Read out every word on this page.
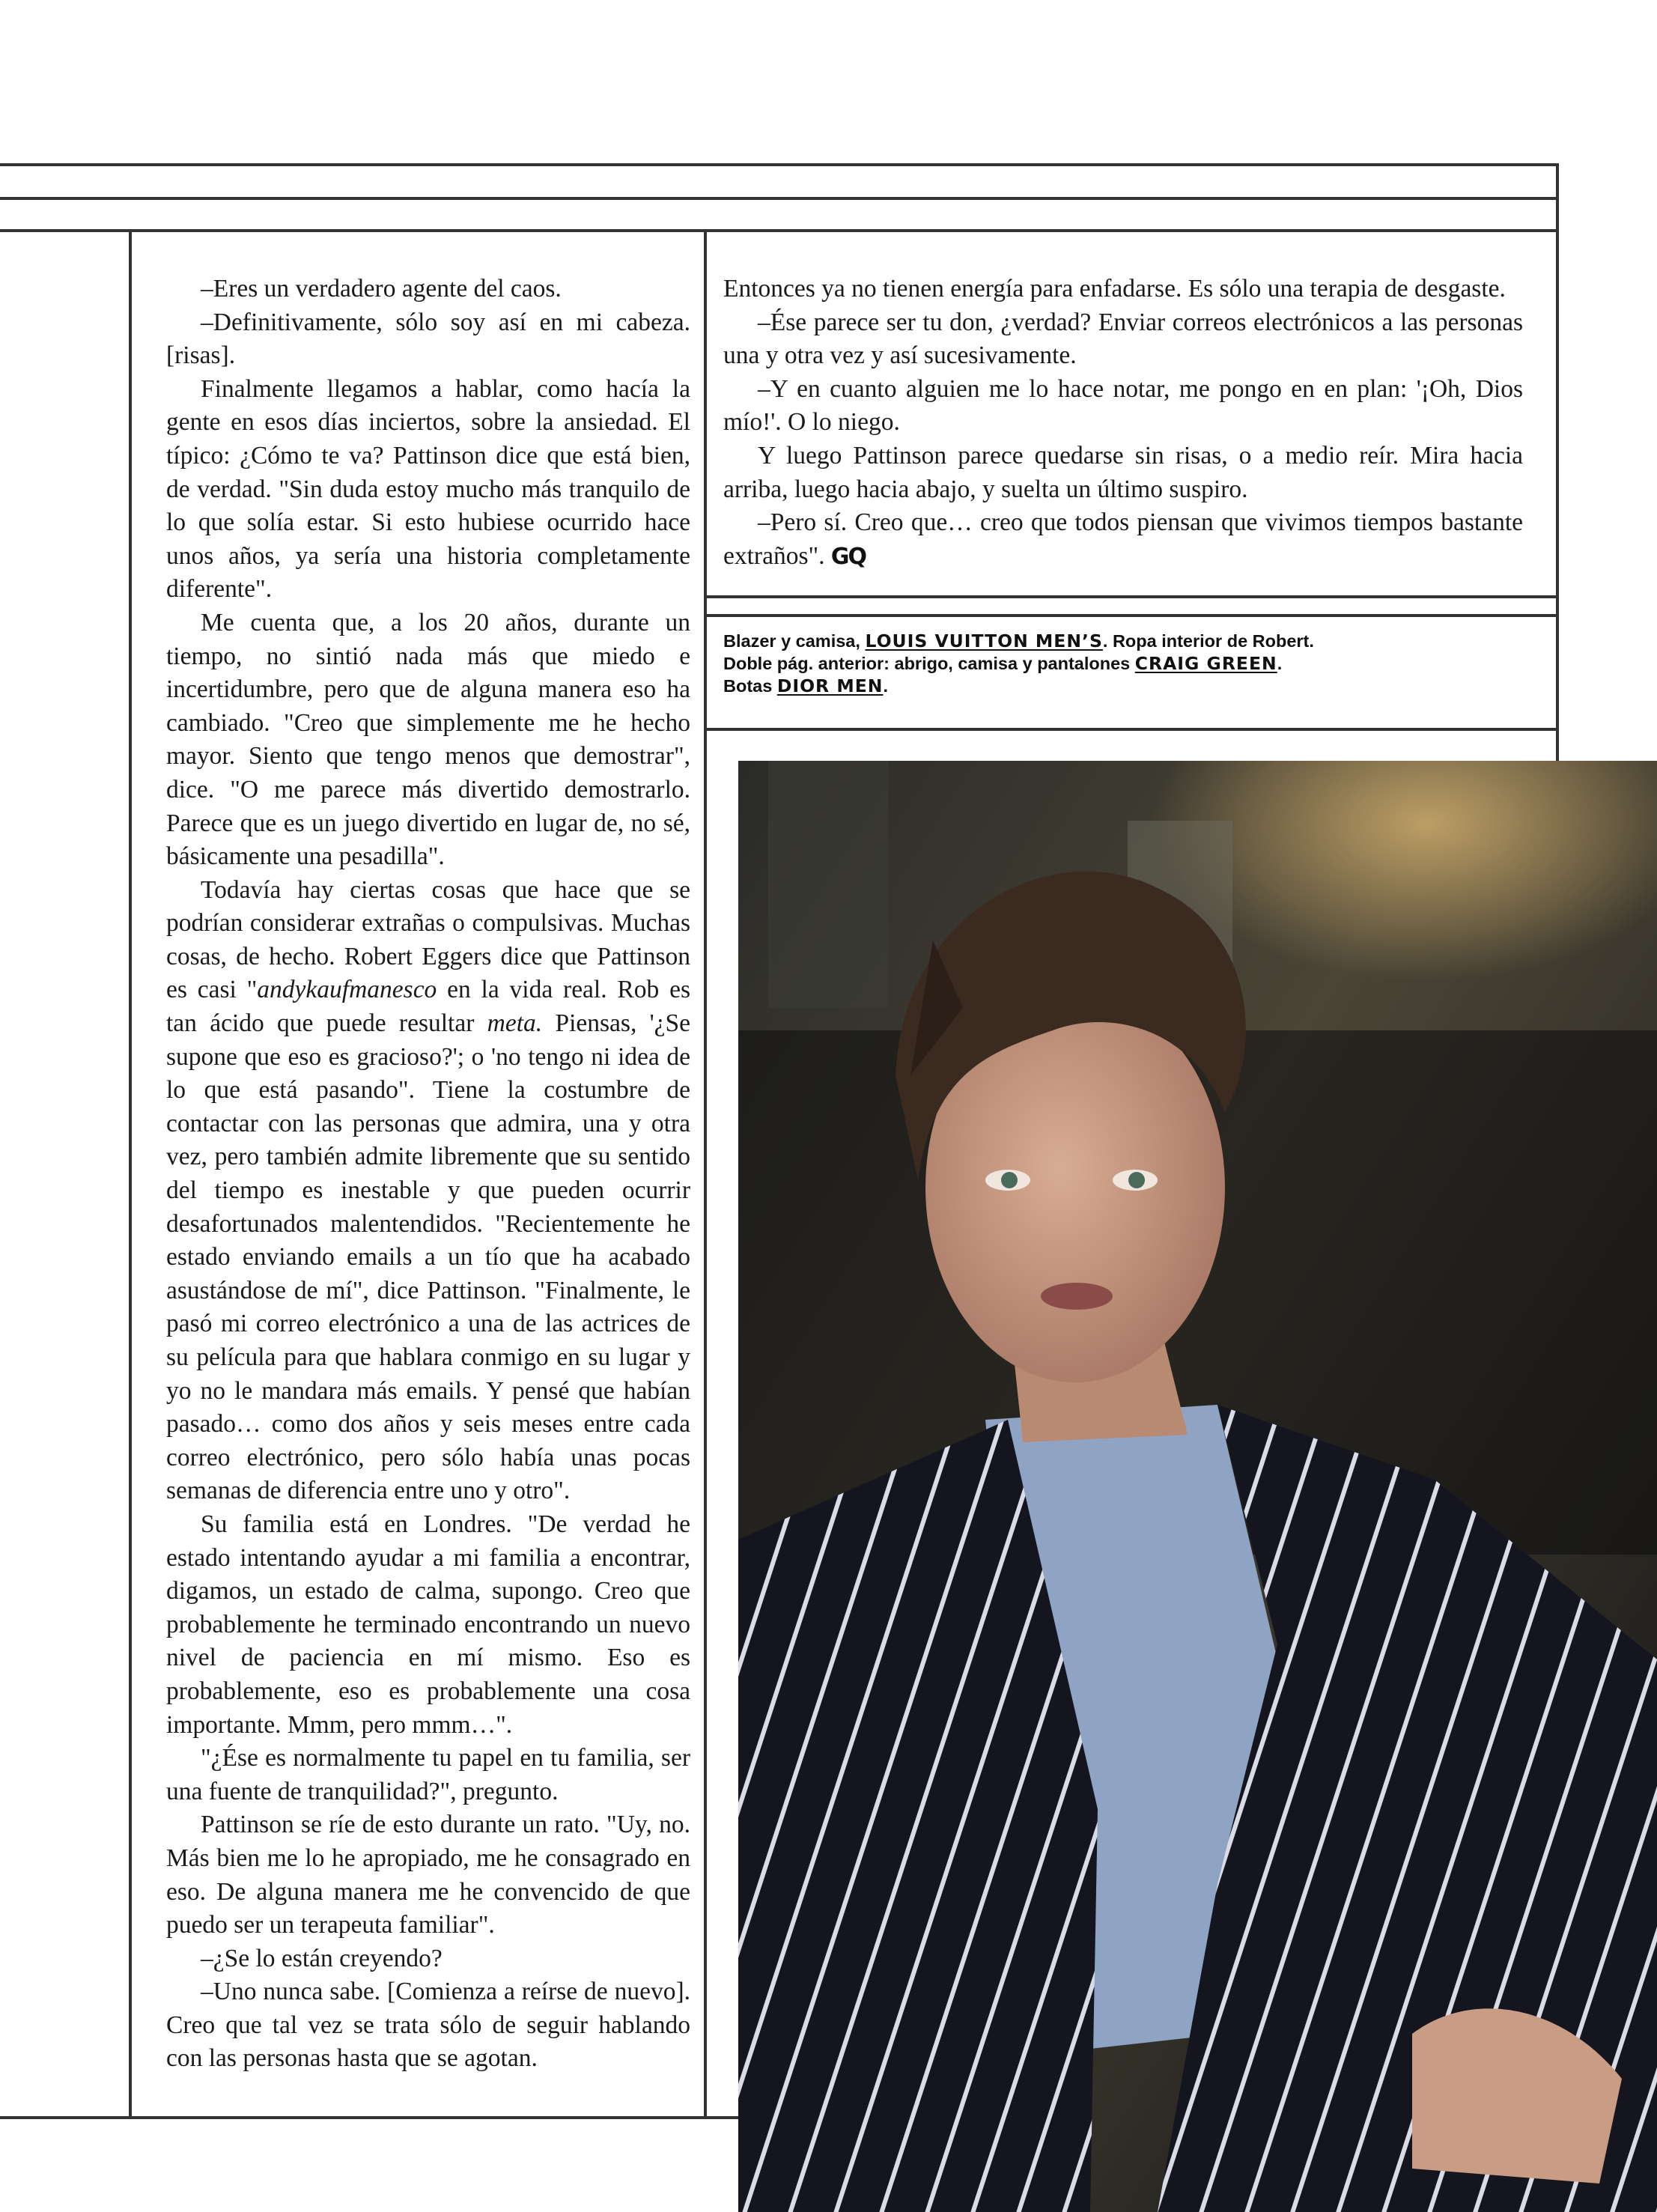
–Eres un verdadero agente del caos.

–Definitivamente, sólo soy así en mi cabeza. [risas].

Finalmente llegamos a hablar, como hacía la gente en esos días inciertos, sobre la ansiedad. El típico: ¿Cómo te va? Pattinson dice que está bien, de verdad. "Sin duda estoy mucho más tranquilo de lo que solía estar. Si esto hubiese ocurrido hace unos años, ya sería una historia completamente diferente".

Me cuenta que, a los 20 años, durante un tiempo, no sintió nada más que miedo e incertidumbre, pero que de alguna manera eso ha cambiado. "Creo que simplemente me he hecho mayor. Siento que tengo menos que demostrar", dice. "O me parece más divertido demostrarlo. Parece que es un juego divertido en lugar de, no sé, básicamente una pesadilla".

Todavía hay ciertas cosas que hace que se podrían considerar extrañas o compulsivas. Muchas cosas, de hecho. Robert Eggers dice que Pattinson es casi "andykaufmanesco en la vida real. Rob es tan ácido que puede resultar meta. Piensas, '¿Se supone que eso es gracioso?'; o 'no tengo ni idea de lo que está pasando". Tiene la costumbre de contactar con las personas que admira, una y otra vez, pero también admite libremente que su sentido del tiempo es inestable y que pueden ocurrir desafortunados malentendidos. "Recientemente he estado enviando emails a un tío que ha acabado asustándose de mí", dice Pattinson. "Finalmente, le pasó mi correo electrónico a una de las actrices de su película para que hablara conmigo en su lugar y yo no le mandara más emails. Y pensé que habían pasado… como dos años y seis meses entre cada correo electrónico, pero sólo había unas pocas semanas de diferencia entre uno y otro".

Su familia está en Londres. "De verdad he estado intentando ayudar a mi familia a encontrar, digamos, un estado de calma, supongo. Creo que probablemente he terminado encontrando un nuevo nivel de paciencia en mí mismo. Eso es probablemente, eso es probablemente una cosa importante. Mmm, pero mmm…".

"¿Ése es normalmente tu papel en tu familia, ser una fuente de tranquilidad?", pregunto.

Pattinson se ríe de esto durante un rato. "Uy, no. Más bien me lo he apropiado, me he consagrado en eso. De alguna manera me he convencido de que puedo ser un terapeuta familiar".

–¿Se lo están creyendo?

–Uno nunca sabe. [Comienza a reírse de nuevo]. Creo que tal vez se trata sólo de seguir hablando con las personas hasta que se agotan.

Entonces ya no tienen energía para enfadarse. Es sólo una terapia de desgaste.

–Ése parece ser tu don, ¿verdad? Enviar correos electrónicos a las personas una y otra vez y así sucesivamente.

–Y en cuanto alguien me lo hace notar, me pongo en en plan: '¡Oh, Dios mío!'. O lo niego.

Y luego Pattinson parece quedarse sin risas, o a medio reír. Mira hacia arriba, luego hacia abajo, y suelta un último suspiro.

–Pero sí. Creo que… creo que todos piensan que vivimos tiempos bastante extraños". GQ

Blazer y camisa, LOUIS VUITTON MEN’S. Ropa interior de Robert.
Doble pág. anterior: abrigo, camisa y pantalones CRAIG GREEN.
Botas DIOR MEN.
